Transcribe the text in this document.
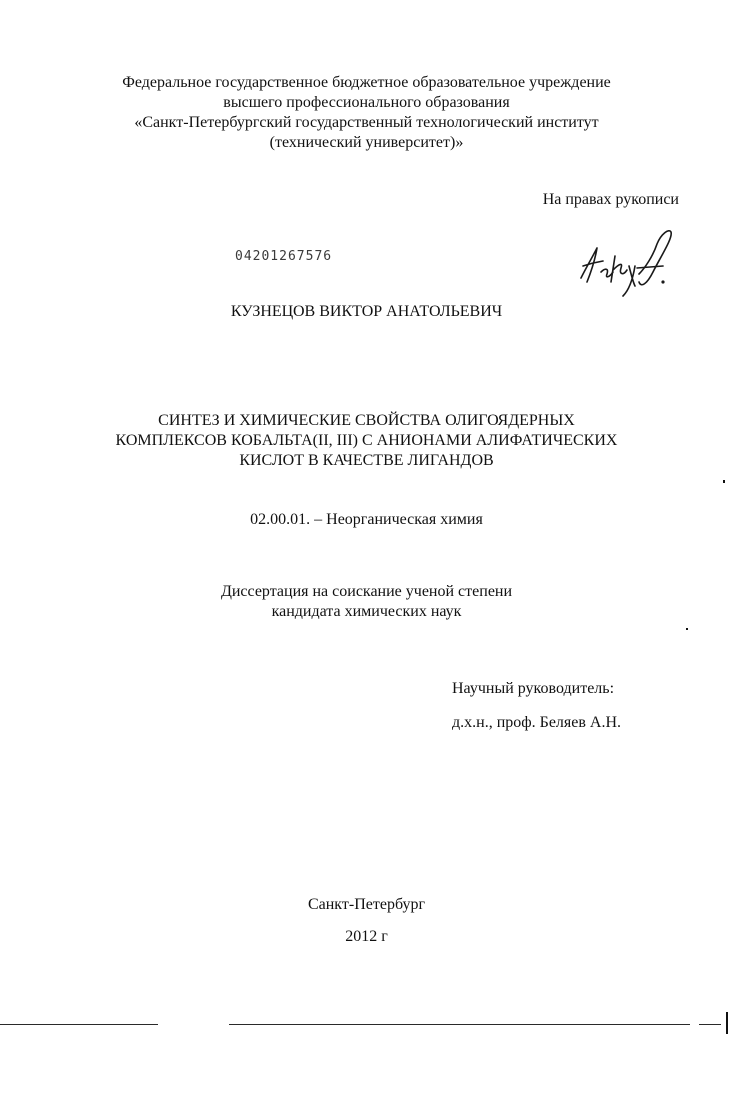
Федеральное государственное бюджетное образовательное учреждение
высшего профессионального образования
«Санкт-Петербургский государственный технологический институт
(технический университет)»
На правах рукописи
04201267576
КУЗНЕЦОВ ВИКТОР АНАТОЛЬЕВИЧ
СИНТЕЗ И ХИМИЧЕСКИЕ СВОЙСТВА ОЛИГОЯДЕРНЫХ
КОМПЛЕКСОВ КОБАЛЬТА(II, III) С АНИОНАМИ АЛИФАТИЧЕСКИХ
КИСЛОТ В КАЧЕСТВЕ ЛИГАНДОВ
02.00.01. – Неорганическая химия
Диссертация на соискание ученой степени
кандидата химических наук
Научный руководитель:
д.х.н., проф. Беляев А.Н.
Санкт-Петербург
2012 г
